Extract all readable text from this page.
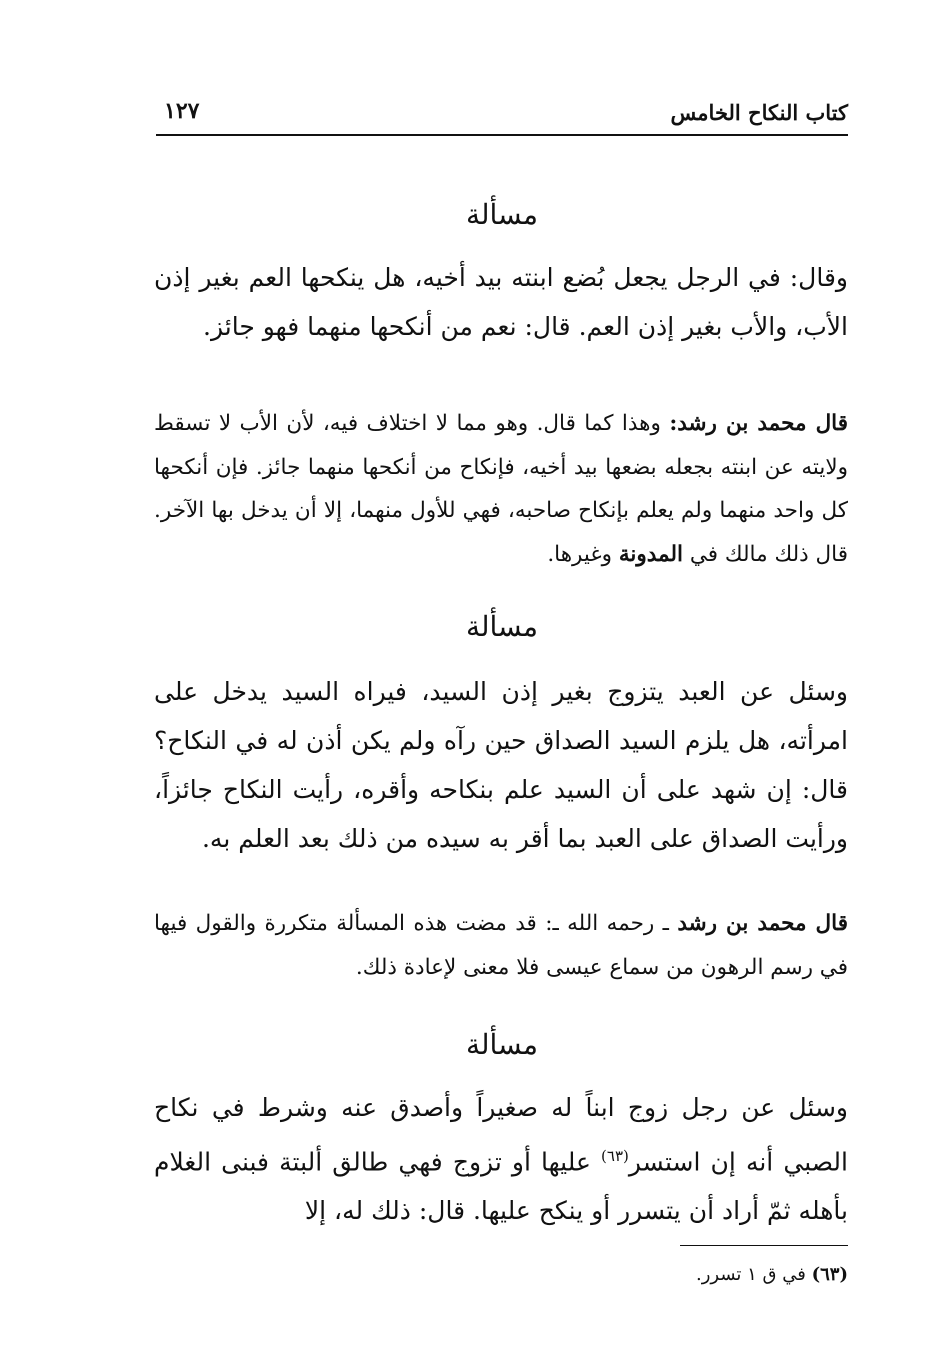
كتاب النكاح الخامس
١٢٧
مسألة

وقال: في الرجل يجعل بُضع ابنته بيد أخيه، هل ينكحها العم بغير إذن الأب، والأب بغير إذن العم. قال: نعم من أنكحها منهما فهو جائز.

قال محمد بن رشد: وهذا كما قال. وهو مما لا اختلاف فيه، لأن الأب لا تسقط ولايته عن ابنته بجعله بضعها بيد أخيه، فإنكاح من أنكحها منهما جائز. فإن أنكحها كل واحد منهما ولم يعلم بإنكاح صاحبه، فهي للأول منهما، إلا أن يدخل بها الآخر. قال ذلك مالك في المدونة وغيرها.

مسألة

وسئل عن العبد يتزوج بغير إذن السيد، فيراه السيد يدخل على امرأته، هل يلزم السيد الصداق حين رآه ولم يكن أذن له في النكاح؟ قال: إن شهد على أن السيد علم بنكاحه وأقره، رأيت النكاح جائزاً، ورأيت الصداق على العبد بما أقر به سيده من ذلك بعد العلم به.

قال محمد بن رشد ـ رحمه الله ـ: قد مضت هذه المسألة متكررة والقول فيها في رسم الرهون من سماع عيسى فلا معنى لإعادة ذلك.

مسألة

وسئل عن رجل زوج ابناً له صغيراً وأصدق عنه وشرط في نكاح الصبي أنه إن استسر$^{(٦٣)}$ عليها أو تزوج فهي طالق ألبتة فبنى الغلام بأهله ثمّ أراد أن يتسرر أو ينكح عليها. قال: ذلك له، إلا

(٦٣) في ق ١ تسرر.
